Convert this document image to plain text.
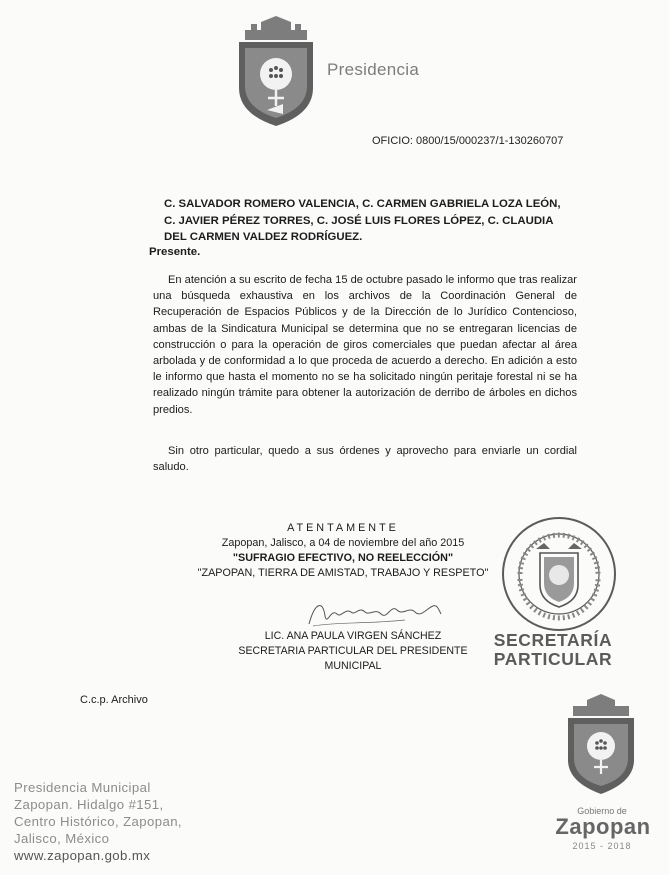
Presidencia
OFICIO: 0800/15/000237/1-130260707
C. SALVADOR ROMERO VALENCIA, C. CARMEN GABRIELA LOZA LEÓN, C. JAVIER PÉREZ TORRES, C. JOSÉ LUIS FLORES LÓPEZ, C. CLAUDIA DEL CARMEN VALDEZ RODRÍGUEZ.
Presente.
En atención a su escrito de fecha 15 de octubre pasado le informo que tras realizar una búsqueda exhaustiva en los archivos de la Coordinación General de Recuperación de Espacios Públicos y de la Dirección de lo Jurídico Contencioso, ambas de la Sindicatura Municipal se determina que no se entregaran licencias de construcción o para la operación de giros comerciales que puedan afectar al área arbolada y de conformidad a lo que proceda de acuerdo a derecho. En adición a esto le informo que hasta el momento no se ha solicitado ningún peritaje forestal ni se ha realizado ningún trámite para obtener la autorización de derribo de árboles en dichos predios.
Sin otro particular, quedo a sus órdenes y aprovecho para enviarle un cordial saludo.
ATENTAMENTE
Zapopan, Jalisco, a 04 de noviembre del año 2015
"SUFRAGIO EFECTIVO, NO REELECCIÓN"
"ZAPOPAN, TIERRA DE AMISTAD, TRABAJO Y RESPETO"
LIC. ANA PAULA VIRGEN SÁNCHEZ
SECRETARIA PARTICULAR DEL PRESIDENTE MUNICIPAL
SECRETARÍA
PARTICULAR
C.c.p. Archivo
Presidencia Municipal
Zapopan. Hidalgo #151,
Centro Histórico, Zapopan,
Jalisco, México
www.zapopan.gob.mx
Gobierno de
Zapopan
2015 - 2018
